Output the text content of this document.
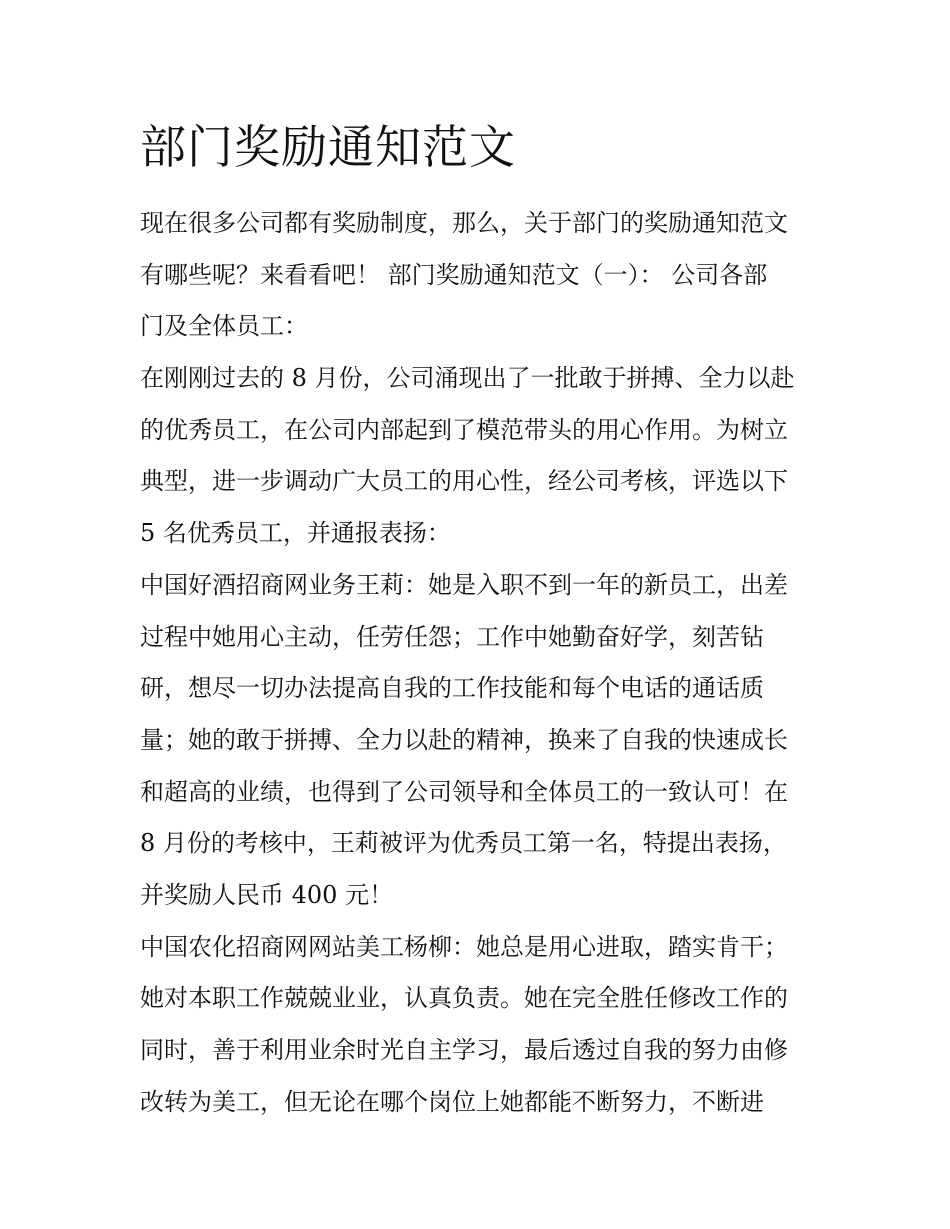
部门奖励通知范文
现在很多公司都有奖励制度，那么，关于部门的奖励通知范文
有哪些呢？来看看吧！ 部门奖励通知范文（一）： 公司各部
门及全体员工：
在刚刚过去的 8 月份，公司涌现出了一批敢于拼搏、全力以赴
的优秀员工，在公司内部起到了模范带头的用心作用。为树立
典型，进一步调动广大员工的用心性，经公司考核，评选以下
5 名优秀员工，并通报表扬：
中国好酒招商网业务王莉：她是入职不到一年的新员工，出差
过程中她用心主动，任劳任怨；工作中她勤奋好学，刻苦钻
研，想尽一切办法提高自我的工作技能和每个电话的通话质
量；她的敢于拼搏、全力以赴的精神，换来了自我的快速成长
和超高的业绩，也得到了公司领导和全体员工的一致认可！在
8 月份的考核中，王莉被评为优秀员工第一名，特提出表扬，
并奖励人民币 400 元！
中国农化招商网网站美工杨柳：她总是用心进取，踏实肯干；
她对本职工作兢兢业业，认真负责。她在完全胜任修改工作的
同时，善于利用业余时光自主学习，最后透过自我的努力由修
改转为美工，但无论在哪个岗位上她都能不断努力，不断进
